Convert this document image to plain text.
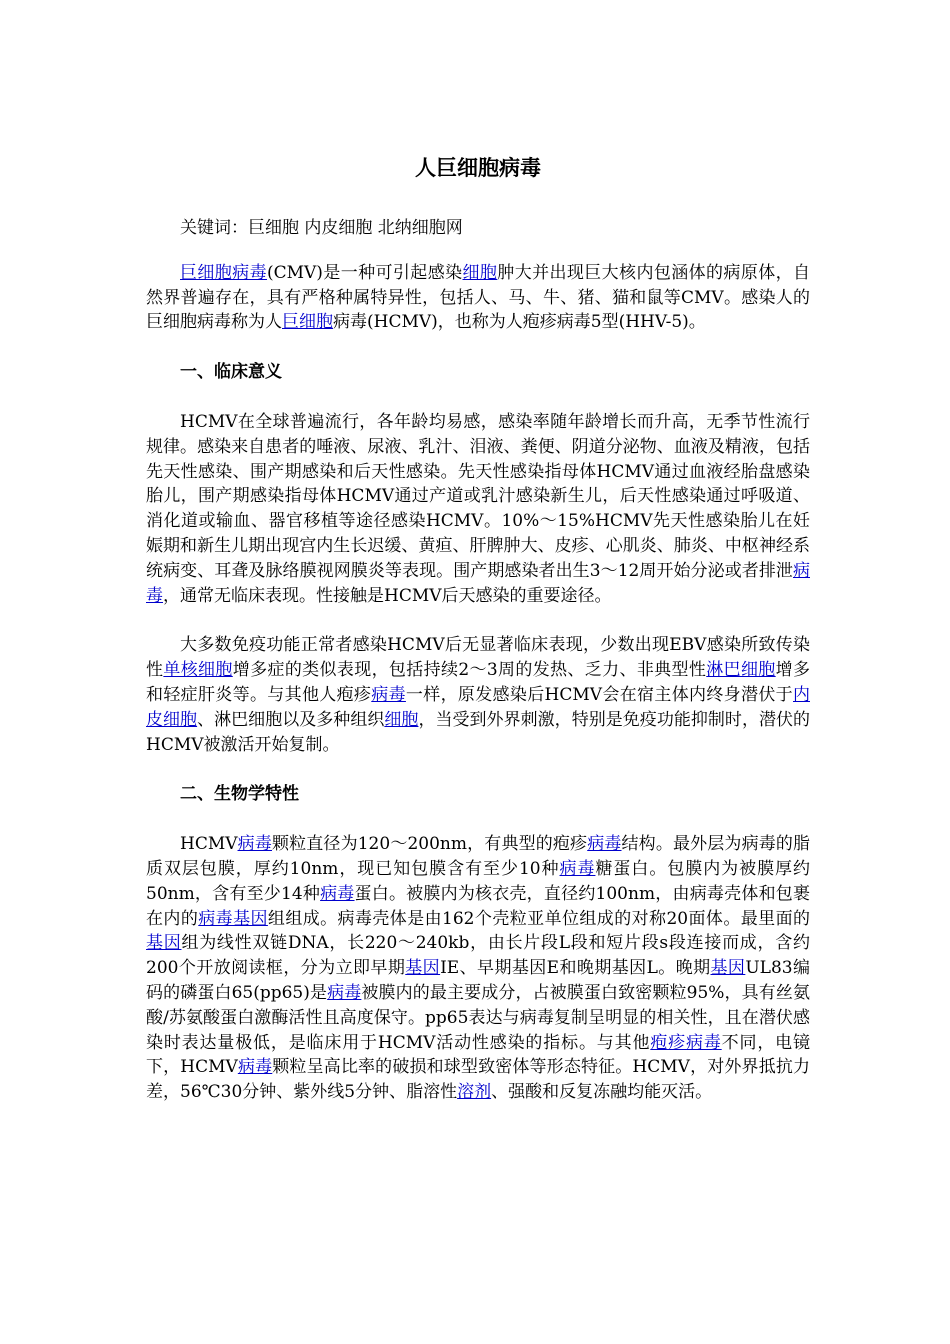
人巨细胞病毒

关键词：巨细胞 内皮细胞 北纳细胞网

巨细胞病毒(CMV)是一种可引起感染细胞肿大并出现巨大核内包涵体的病原体，自然界普遍存在，具有严格种属特异性，包括人、马、牛、猪、猫和鼠等CMV。感染人的巨细胞病毒称为人巨细胞病毒(HCMV)，也称为人疱疹病毒5型(HHV-5)。

一、临床意义

HCMV在全球普遍流行，各年龄均易感，感染率随年龄增长而升高，无季节性流行规律。感染来自患者的唾液、尿液、乳汁、泪液、粪便、阴道分泌物、血液及精液，包括先天性感染、围产期感染和后天性感染。先天性感染指母体HCMV通过血液经胎盘感染胎儿，围产期感染指母体HCMV通过产道或乳汁感染新生儿，后天性感染通过呼吸道、消化道或输血、器官移植等途径感染HCMV。10%～15%HCMV先天性感染胎儿在妊娠期和新生儿期出现宫内生长迟缓、黄疸、肝脾肿大、皮疹、心肌炎、肺炎、中枢神经系统病变、耳聋及脉络膜视网膜炎等表现。围产期感染者出生3～12周开始分泌或者排泄病毒，通常无临床表现。性接触是HCMV后天感染的重要途径。

大多数免疫功能正常者感染HCMV后无显著临床表现，少数出现EBV感染所致传染性单核细胞增多症的类似表现，包括持续2～3周的发热、乏力、非典型性淋巴细胞增多和轻症肝炎等。与其他人疱疹病毒一样，原发感染后HCMV会在宿主体内终身潜伏于内皮细胞、淋巴细胞以及多种组织细胞，当受到外界刺激，特别是免疫功能抑制时，潜伏的HCMV被激活开始复制。

二、生物学特性

HCMV病毒颗粒直径为120～200nm，有典型的疱疹病毒结构。最外层为病毒的脂质双层包膜，厚约10nm，现已知包膜含有至少10种病毒糖蛋白。包膜内为被膜厚约50nm，含有至少14种病毒蛋白。被膜内为核衣壳，直径约100nm，由病毒壳体和包裹在内的病毒基因组组成。病毒壳体是由162个壳粒亚单位组成的对称20面体。最里面的基因组为线性双链DNA，长220～240kb，由长片段L段和短片段s段连接而成，含约200个开放阅读框，分为立即早期基因IE、早期基因E和晚期基因L。晚期基因UL83编码的磷蛋白65(pp65)是病毒被膜内的最主要成分，占被膜蛋白致密颗粒95%，具有丝氨酸/苏氨酸蛋白激酶活性且高度保守。pp65表达与病毒复制呈明显的相关性，且在潜伏感染时表达量极低，是临床用于HCMV活动性感染的指标。与其他疱疹病毒不同，电镜下，HCMV病毒颗粒呈高比率的破损和球型致密体等形态特征。HCMV，对外界抵抗力差，56℃30分钟、紫外线5分钟、脂溶性溶剂、强酸和反复冻融均能灭活。
